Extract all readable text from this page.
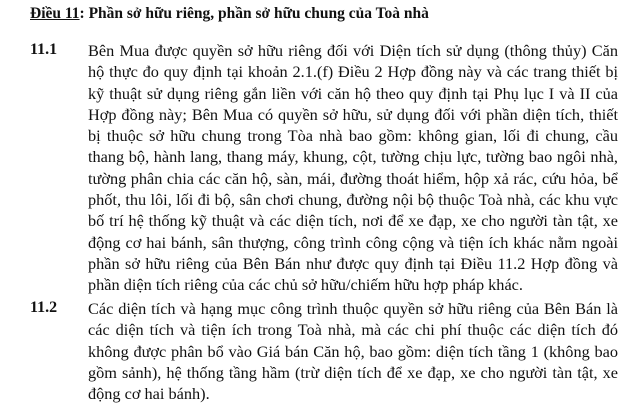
Điều 11: Phần sở hữu riêng, phần sở hữu chung của Toà nhà
11.1 Bên Mua được quyền sở hữu riêng đối với Diện tích sử dụng (thông thủy) Căn
hộ thực đo quy định tại khoản 2.1.(f) Điều 2 Hợp đồng này và các trang thiết bị
kỹ thuật sử dụng riêng gắn liền với căn hộ theo quy định tại Phụ lục I và II của
Hợp đồng này; Bên Mua có quyền sở hữu, sử dụng đối với phần diện tích, thiết
bị thuộc sở hữu chung trong Tòa nhà bao gồm: không gian, lối đi chung, cầu
thang bộ, hành lang, thang máy, khung, cột, tường chịu lực, tường bao ngôi nhà,
tường phân chia các căn hộ, sàn, mái, đường thoát hiểm, hộp xả rác, cứu hỏa, bể
phốt, thu lôi, lối đi bộ, sân chơi chung, đường nội bộ thuộc Toà nhà, các khu vực
bố trí hệ thống kỹ thuật và các diện tích, nơi để xe đạp, xe cho người tàn tật, xe
động cơ hai bánh, sân thượng, công trình công cộng và tiện ích khác nằm ngoài
phần sở hữu riêng của Bên Bán như được quy định tại Điều 11.2 Hợp đồng và
phần diện tích riêng của các chủ sở hữu/chiếm hữu hợp pháp khác.
11.2 Các diện tích và hạng mục công trình thuộc quyền sở hữu riêng của Bên Bán là
các diện tích và tiện ích trong Toà nhà, mà các chi phí thuộc các diện tích đó
không được phân bổ vào Giá bán Căn hộ, bao gồm: diện tích tầng 1 (không bao
gồm sảnh), hệ thống tầng hầm (trừ diện tích để xe đạp, xe cho người tàn tật, xe
động cơ hai bánh).
